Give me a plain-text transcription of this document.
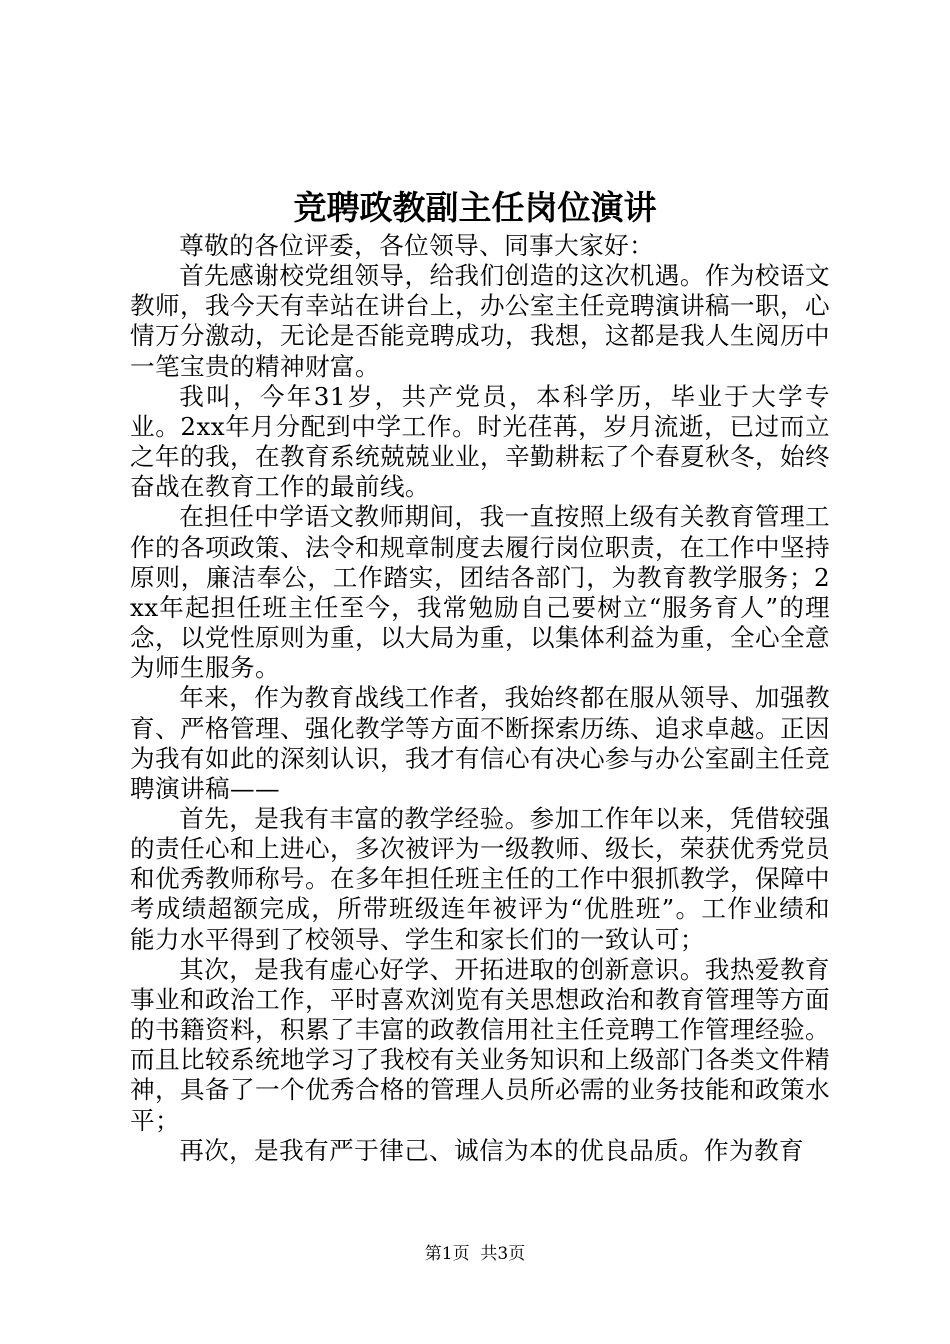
竞聘政教副主任岗位演讲

尊敬的各位评委，各位领导、同事大家好：

首先感谢校党组领导，给我们创造的这次机遇。作为校语文教师，我今天有幸站在讲台上，办公室主任竞聘演讲稿一职，心情万分激动，无论是否能竞聘成功，我想，这都是我人生阅历中一笔宝贵的精神财富。

我叫，今年31岁，共产党员，本科学历，毕业于大学专业。2xx年月分配到中学工作。时光荏苒，岁月流逝，已过而立之年的我，在教育系统兢兢业业，辛勤耕耘了个春夏秋冬，始终奋战在教育工作的最前线。

在担任中学语文教师期间，我一直按照上级有关教育管理工作的各项政策、法令和规章制度去履行岗位职责，在工作中坚持原则，廉洁奉公，工作踏实，团结各部门，为教育教学服务；2xx年起担任班主任至今，我常勉励自己要树立“服务育人”的理念，以党性原则为重，以大局为重，以集体利益为重，全心全意为师生服务。

年来，作为教育战线工作者，我始终都在服从领导、加强教育、严格管理、强化教学等方面不断探索历练、追求卓越。正因为我有如此的深刻认识，我才有信心有决心参与办公室副主任竞聘演讲稿——

首先，是我有丰富的教学经验。参加工作年以来，凭借较强的责任心和上进心，多次被评为一级教师、级长，荣获优秀党员和优秀教师称号。在多年担任班主任的工作中狠抓教学，保障中考成绩超额完成，所带班级连年被评为“优胜班”。工作业绩和能力水平得到了校领导、学生和家长们的一致认可；

其次，是我有虚心好学、开拓进取的创新意识。我热爱教育事业和政治工作，平时喜欢浏览有关思想政治和教育管理等方面的书籍资料，积累了丰富的政教信用社主任竞聘工作管理经验。而且比较系统地学习了我校有关业务知识和上级部门各类文件精神，具备了一个优秀合格的管理人员所必需的业务技能和政策水平；

再次，是我有严于律己、诚信为本的优良品质。作为教育

第1页 共3页
